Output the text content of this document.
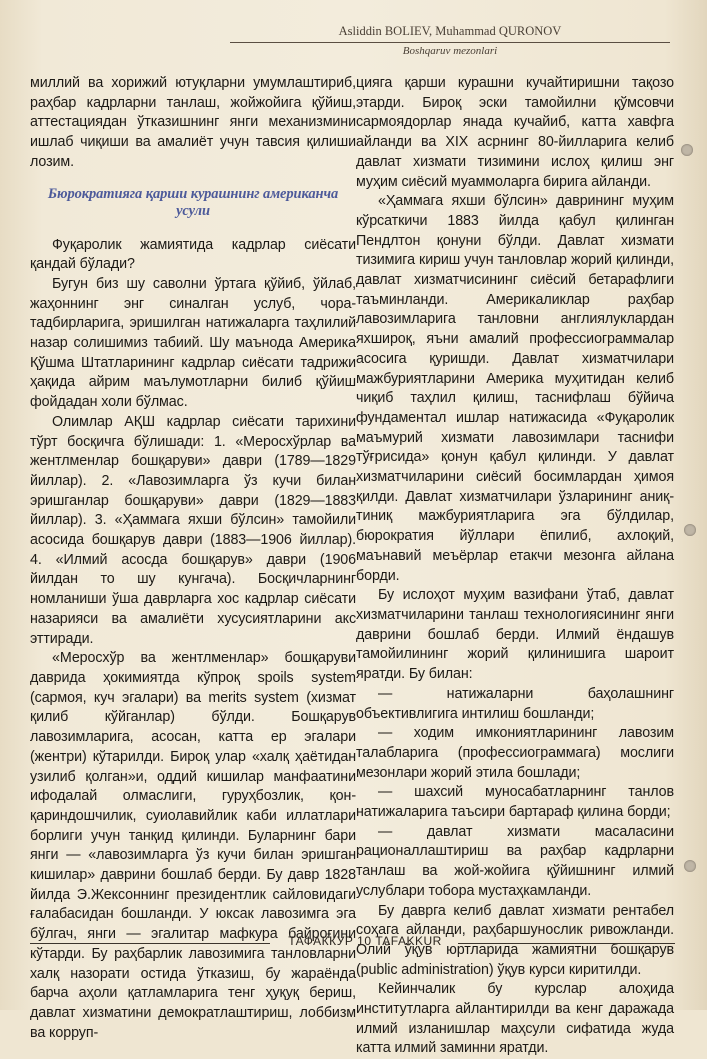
Asliddin BOLIEV, Muhammad QURONOV
Boshqaruv mezonlari

миллий ва хорижий ютуқларни умумлаштириб, раҳбар кадрларни танлаш, жойжойига қўйиш, аттестациядан ўтказишнинг янги механизмини ишлаб чиқиши ва амалиёт учун тавсия қилиши лозим.

Бюрократияга қарши курашнинг американча усули

Фуқаролик жамиятида кадрлар сиёсати қандай бўлади?

Бугун биз шу саволни ўртага қўйиб, ўйлаб, жаҳоннинг энг синалган услуб, чора-тадбирларига, эришилган натижаларга таҳлилий назар солишимиз табиий. Шу маънода Америка Қўшма Штатларининг кадрлар сиёсати тадрижи ҳақида айрим маълумотларни билиб қўйиш фойдадан холи бўлмас.

Олимлар АҚШ кадрлар сиёсати тарихини тўрт босқичга бўлишади: 1. «Меросхўрлар ва жентлменлар бошқаруви» даври (1789—1829 йиллар). 2. «Лавозимларга ўз кучи билан эришганлар бошқаруви» даври (1829—1883 йиллар). 3. «Ҳаммага яхши бўлсин» тамойили асосида бошқарув даври (1883—1906 йиллар). 4. «Илмий асосда бошқарув» даври (1906 йилдан то шу кунгача). Босқичларнинг номланиши ўша даврларга хос кадрлар сиёсати назарияси ва амалиёти хусусиятларини акс эттиради.

«Меросхўр ва жентлменлар» бошқаруви даврида ҳокимиятда кўпроқ spoils system (сармоя, куч эгалари) ва merits system (хизмат қилиб кўйганлар) бўлди. Бошқарув лавозимларига, асосан, катта ер эгалари (жентри) кўтарилди. Бироқ улар «халқ ҳаётидан узилиб қолган»и, оддий кишилар манфаатини ифодалай олмаслиги, гуруҳбозлик, қон-қариндошчилик, суиолавийлик каби иллатлари борлиги учун танқид қилинди. Буларнинг бари янги — «лавозимларга ўз кучи билан эришган кишилар» даврини бошлаб берди. Бу давр 1828 йилда Э.Жексоннинг президентлик сайловидаги ғалабасидан бошланди. У юксак лавозимга эга бўлгач, янги — эгалитар мафкура байроғини кўтарди. Бу раҳбарлик лавозимига танловларни халқ назорати остида ўтказиш, бу жараёнда барча аҳоли қатламларига тенг ҳуқуқ бериш, давлат хизматини демократлаштириш, лоббизм ва корруп-

цияга қарши курашни кучайтиришни тақозо этарди. Бироқ эски тамойилни қўмсовчи сармоядорлар янада кучайиб, катта хавфга айланди ва XIX асрнинг 80-йилларига келиб давлат хизмати тизимини ислоҳ қилиш энг муҳим сиёсий муаммоларга бирига айланди.

«Ҳаммага яхши бўлсин» даврининг муҳим кўрсаткичи 1883 йилда қабул қилинган Пендлтон қонуни бўлди. Давлат хизмати тизимига кириш учун танловлар жорий қилинди, давлат хизматчисининг сиёсий бетарафлиги таъминланди. Америкаликлар раҳбар лавозимларига танловни англиялуклардан яхшироқ, яъни амалий профессиограммалар асосига қуришди. Давлат хизматчилари мажбуриятларини Америка муҳитидан келиб чиқиб таҳлил қилиш, таснифлаш бўйича фундаментал ишлар натижасида «Фуқаролик маъмурий хизмати лавозимлари таснифи тўғрисида» қонун қабул қилинди. У давлат хизматчиларини сиёсий босимлардан ҳимоя қилди. Давлат хизматчилари ўзларининг аниқ-тиниқ мажбуриятларига эга бўлдилар, бюрократия йўллари ёпилиб, ахлоқий, маънавий меъёрлар етакчи мезонга айлана борди.

Бу ислоҳот муҳим вазифани ўтаб, давлат хизматчиларини танлаш технологиясининг янги даврини бошлаб берди. Илмий ёндашув тамойилининг жорий қилинишига шароит яратди. Бу билан:

— натижаларни баҳолашнинг объективлигига интилиш бошланди;

— ходим имкониятларининг лавозим талабларига (профессиограммага) мослиги мезонлари жорий этила бошлади;

— шахсий муносабатларнинг танлов натижаларига таъсири бартараф қилина борди;

— давлат хизмати масаласини рационаллаштириш ва раҳбар кадрларни танлаш ва жой-жойига қўйишнинг илмий услублари тобора мустаҳкамланди.

Бу даврга келиб давлат хизмати рентабел соҳага айланди, раҳбаршунослик ривожланди. Олий ўқув юртларида жамиятни бошқарув (public administration) ўқув курси киритилди.

Кейинчалик бу курслар алоҳида институтларга айлантирилди ва кенг даражада илмий изланишлар маҳсули сифатида жуда катта илмий заминни яратди.

ТАФАККУР 10 TAFAKKUR
